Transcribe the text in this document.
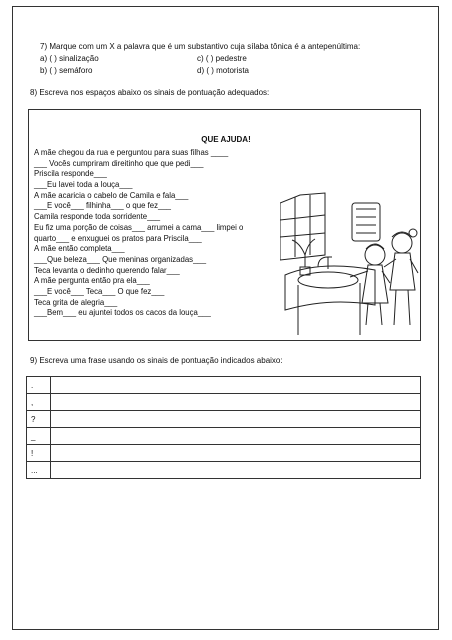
7) Marque com um X a palavra que é um substantivo cuja sílaba tônica é a antepenúltima:
a) ( ) sinalização	c) ( ) pedestre
b) ( ) semáforo	d) ( ) motorista
8) Escreva nos espaços abaixo os sinais de pontuação adequados:
QUE AJUDA!
A mãe chegou da rua e perguntou para suas filhas ____
___ Vocês cumpriram direitinho que que pedi___
Priscila responde___
___Eu lavei toda a louça___
A mãe acaricia o cabelo de Camila e fala___
___E você___ filhinha___ o que fez___
Camila responde toda sorridente___
Eu fiz uma porção de coisas___ arrumei a cama___ limpei o
quarto___ e enxuguei os pratos para Priscila___
A mãe então completa___
___Que beleza___ Que meninas organizadas___
Teca levanta o dedinho querendo falar___
A mãe pergunta então pra ela___
___E você___ Teca___ O que fez___
Teca grita de alegria___
___Bem___ eu ajuntei todos os cacos da louça___
9) Escreva uma frase usando os sinais de pontuação indicados abaixo:
.	
,	
?	
_	
!	
...	
